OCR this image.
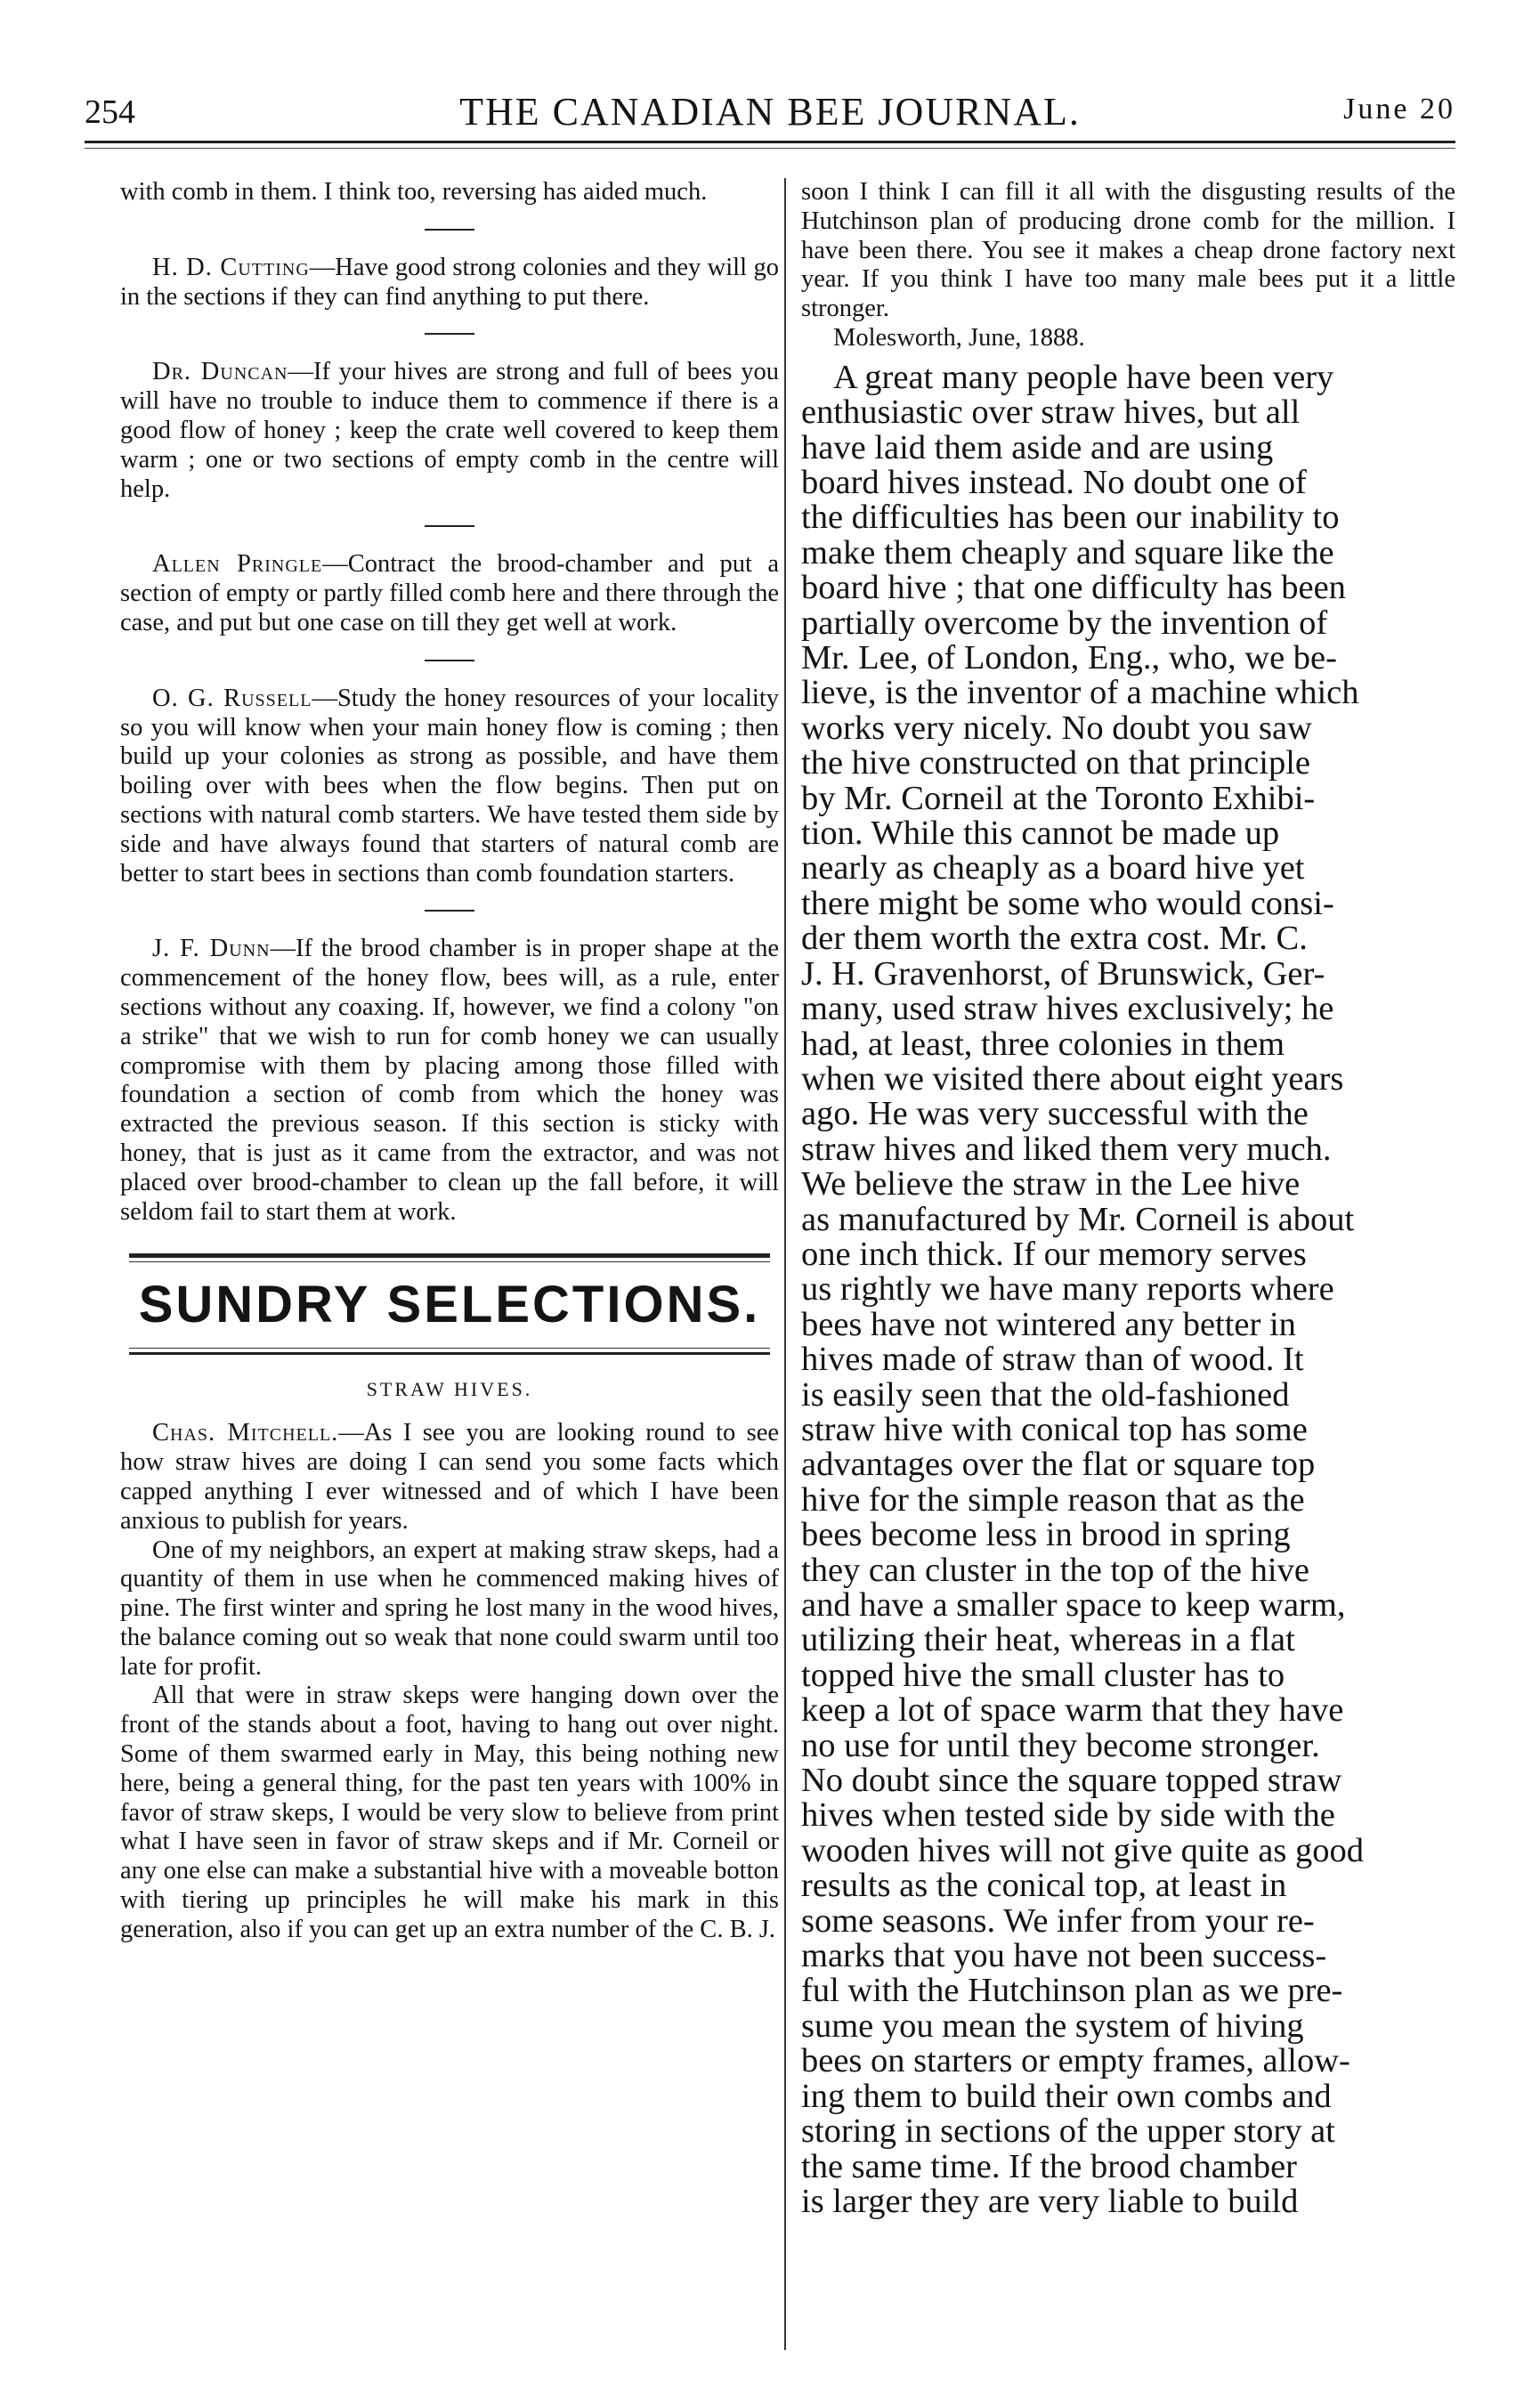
254	THE CANADIAN BEE JOURNAL.	June 20

with comb in them. I think too, reversing has aided much.

H. D. Cutting—Have good strong colonies and they will go in the sections if they can find anything to put there.

Dr. Duncan—If your hives are strong and full of bees you will have no trouble to induce them to commence if there is a good flow of honey ; keep the crate well covered to keep them warm ; one or two sections of empty comb in the centre will help.

Allen Pringle—Contract the brood-chamber and put a section of empty or partly filled comb here and there through the case, and put but one case on till they get well at work.

O. G. Russell—Study the honey resources of your locality so you will know when your main honey flow is coming ; then build up your colonies as strong as possible, and have them boiling over with bees when the flow begins. Then put on sections with natural comb starters. We have tested them side by side and have always found that starters of natural comb are better to start bees in sections than comb foundation starters.

J. F. Dunn—If the brood chamber is in proper shape at the commencement of the honey flow, bees will, as a rule, enter sections without any coaxing. If, however, we find a colony "on a strike" that we wish to run for comb honey we can usually compromise with them by placing among those filled with foundation a section of comb from which the honey was extracted the previous season. If this section is sticky with honey, that is just as it came from the extractor, and was not placed over brood-chamber to clean up the fall before, it will seldom fail to start them at work.

SUNDRY SELECTIONS.
STRAW HIVES.

Chas. Mitchell.—As I see you are looking round to see how straw hives are doing I can send you some facts which capped anything I ever witnessed and of which I have been anxious to publish for years.

One of my neighbors, an expert at making straw skeps, had a quantity of them in use when he commenced making hives of pine. The first winter and spring he lost many in the wood hives, the balance coming out so weak that none could swarm until too late for profit.

All that were in straw skeps were hanging down over the front of the stands about a foot, having to hang out over night. Some of them swarmed early in May, this being nothing new here, being a general thing, for the past ten years with 100% in favor of straw skeps, I would be very slow to believe from print what I have seen in favor of straw skeps and if Mr. Corneil or any one else can make a substantial hive with a moveable botton with tiering up principles he will make his mark in this generation, also if you can get up an extra number of the C. B. J.

soon I think I can fill it all with the disgusting results of the Hutchinson plan of producing drone comb for the million. I have been there. You see it makes a cheap drone factory next year. If you think I have too many male bees put it a little stronger.

Molesworth, June, 1888.

A great many people have been very
enthusiastic over straw hives, but all
have laid them aside and are using
board hives instead. No doubt one of
the difficulties has been our inability to
make them cheaply and square like the
board hive ; that one difficulty has been
partially overcome by the invention of
Mr. Lee, of London, Eng., who, we be-
lieve, is the inventor of a machine which
works very nicely. No doubt you saw
the hive constructed on that principle
by Mr. Corneil at the Toronto Exhibi-
tion. While this cannot be made up
nearly as cheaply as a board hive yet
there might be some who would consi-
der them worth the extra cost. Mr. C.
J. H. Gravenhorst, of Brunswick, Ger-
many, used straw hives exclusively; he
had, at least, three colonies in them
when we visited there about eight years
ago. He was very successful with the
straw hives and liked them very much.
We believe the straw in the Lee hive
as manufactured by Mr. Corneil is about
one inch thick. If our memory serves
us rightly we have many reports where
bees have not wintered any better in
hives made of straw than of wood. It
is easily seen that the old-fashioned
straw hive with conical top has some
advantages over the flat or square top
hive for the simple reason that as the
bees become less in brood in spring
they can cluster in the top of the hive
and have a smaller space to keep warm,
utilizing their heat, whereas in a flat
topped hive the small cluster has to
keep a lot of space warm that they have
no use for until they become stronger.
No doubt since the square topped straw
hives when tested side by side with the
wooden hives will not give quite as good
results as the conical top, at least in
some seasons. We infer from your re-
marks that you have not been success-
ful with the Hutchinson plan as we pre-
sume you mean the system of hiving
bees on starters or empty frames, allow-
ing them to build their own combs and
storing in sections of the upper story at
the same time. If the brood chamber
is larger they are very liable to build
